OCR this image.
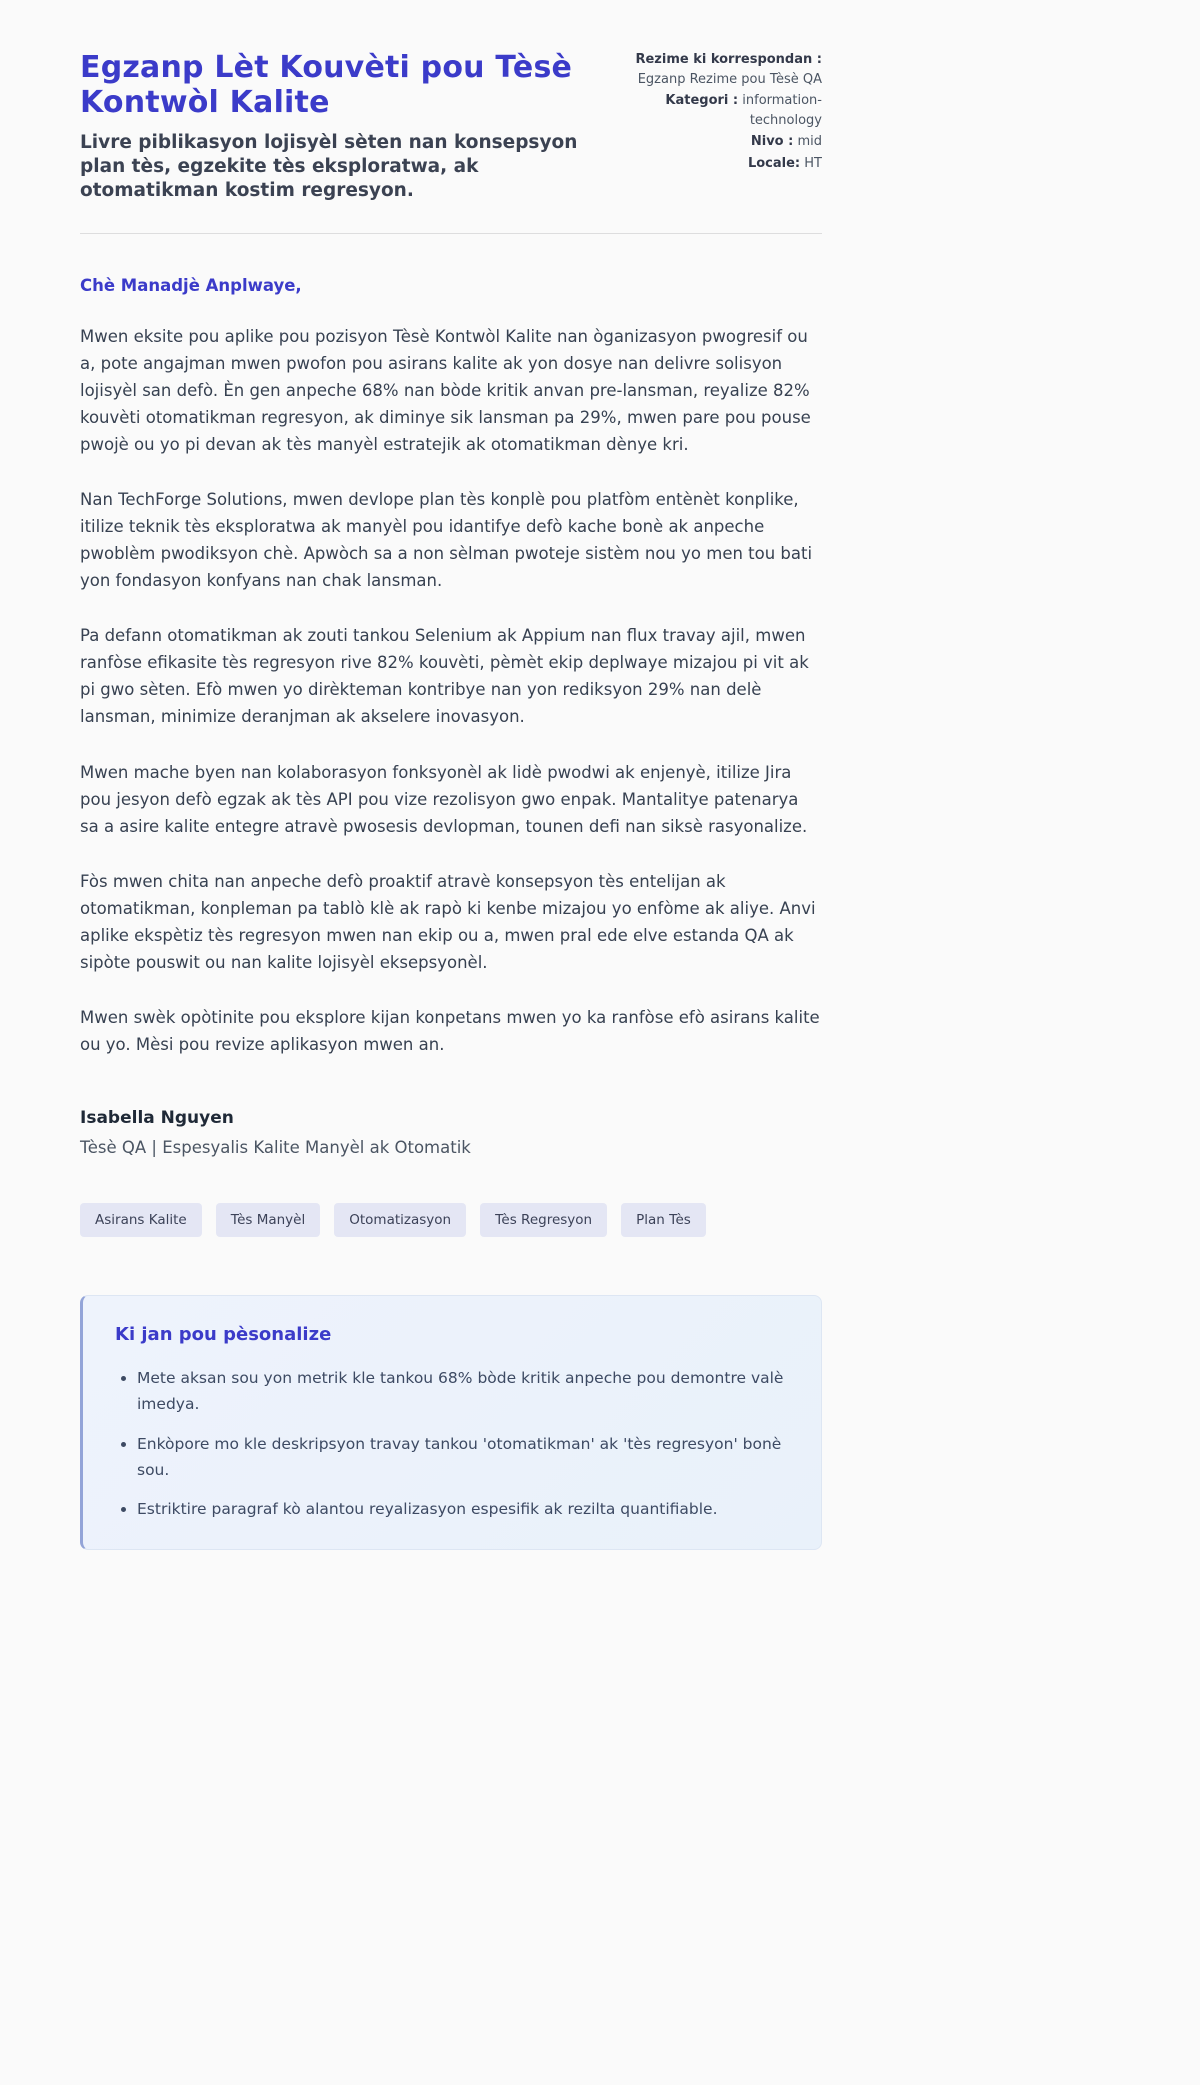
Egzanp Lèt Kouvèti pou Tèsè Kontwòl Kalite

Livre piblikasyon lojisyèl sèten nan konsepsyon plan tès, egzekite tès eksploratwa, ak otomatikman kostim regresyon.

Rezime ki korrespondan : Egzanp Rezime pou Tèsè QA
Kategori : information-technology
Nivo : mid
Locale: HT

Chè Manadjè Anplwaye,

Mwen eksite pou aplike pou pozisyon Tèsè Kontwòl Kalite nan òganizasyon pwogresif ou a, pote angajman mwen pwofon pou asirans kalite ak yon dosye nan delivre solisyon lojisyèl san defò. Èn gen anpeche 68% nan bòde kritik anvan pre-lansman, reyalize 82% kouvèti otomatikman regresyon, ak diminye sik lansman pa 29%, mwen pare pou pouse pwojè ou yo pi devan ak tès manyèl estratejik ak otomatikman dènye kri.

Nan TechForge Solutions, mwen devlope plan tès konplè pou platfòm entènèt konplike, itilize teknik tès eksploratwa ak manyèl pou idantifye defò kache bonè ak anpeche pwoblèm pwodiksyon chè. Apwòch sa a non sèlman pwoteje sistèm nou yo men tou bati yon fondasyon konfyans nan chak lansman.

Pa defann otomatikman ak zouti tankou Selenium ak Appium nan flux travay ajil, mwen ranfòse efikasite tès regresyon rive 82% kouvèti, pèmèt ekip deplwaye mizajou pi vit ak pi gwo sèten. Efò mwen yo dirèkteman kontribye nan yon rediksyon 29% nan delè lansman, minimize deranjman ak akselere inovasyon.

Mwen mache byen nan kolaborasyon fonksyonèl ak lidè pwodwi ak enjenyè, itilize Jira pou jesyon defò egzak ak tès API pou vize rezolisyon gwo enpak. Mantalitye patenarya sa a asire kalite entegre atravè pwosesis devlopman, tounen defi nan siksè rasyonalize.

Fòs mwen chita nan anpeche defò proaktif atravè konsepsyon tès entelijan ak otomatikman, konpleman pa tablò klè ak rapò ki kenbe mizajou yo enfòme ak aliye. Anvi aplike ekspètiz tès regresyon mwen nan ekip ou a, mwen pral ede elve estanda QA ak sipòte pouswit ou nan kalite lojisyèl eksepsyonèl.

Mwen swèk opòtinite pou eksplore kijan konpetans mwen yo ka ranfòse efò asirans kalite ou yo. Mèsi pou revize aplikasyon mwen an.

Isabella Nguyen

Tèsè QA | Espesyalis Kalite Manyèl ak Otomatik

Asirans Kalite	Tès Manyèl	Otomatizasyon	Tès Regresyon	Plan Tès
Ki jan pou pèsonalize
• Mete aksan sou yon metrik kle tankou 68% bòde kritik anpeche pou demontre valè imedya.
• Enkòpore mo kle deskripsyon travay tankou 'otomatikman' ak 'tès regresyon' bonè sou.
• Estriktire paragraf kò alantou reyalizasyon espesifik ak rezilta quantifiable.
